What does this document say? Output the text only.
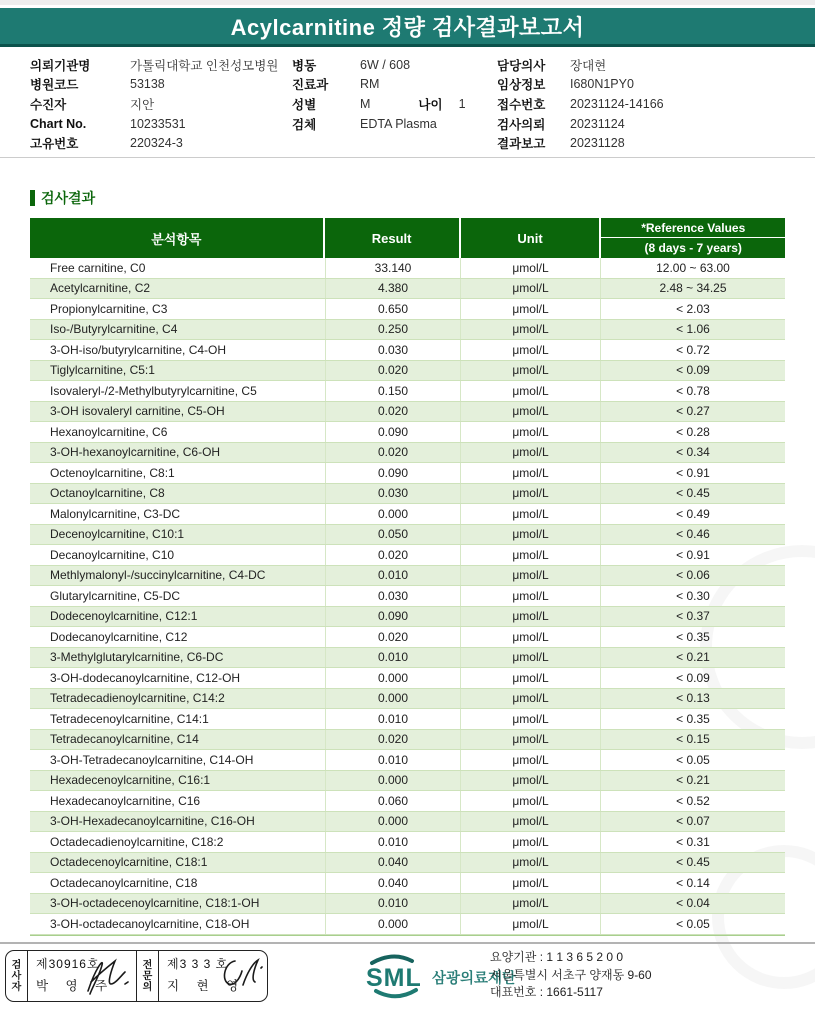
Acylcarnitine 정량 검사결과보고서
의뢰기관명	가톨릭대학교 인천성모병원
병원코드	53138
수진자	지안
Chart No.	10233531
고유번호	220324-3
병동	6W / 608
진료과	RM
성별	M	나이 1
검체	EDTA Plasma
담당의사	장대현
임상정보	I680N1PY0
접수번호	20231124-14166
검사의뢰	20231124
결과보고	20231128
검사결과
분석항목	Result	Unit
*Reference Values
(8 days - 7 years)
Free carnitine, C0	33.140	μmol/L	12.00 ~ 63.00
Acetylcarnitine, C2	4.380	μmol/L	2.48 ~ 34.25
Propionylcarnitine, C3	0.650	μmol/L	< 2.03
Iso-/Butyrylcarnitine, C4	0.250	μmol/L	< 1.06
3-OH-iso/butyrylcarnitine, C4-OH	0.030	μmol/L	< 0.72
Tiglylcarnitine, C5:1	0.020	μmol/L	< 0.09
Isovaleryl-/2-Methylbutyrylcarnitine, C5	0.150	μmol/L	< 0.78
3-OH isovaleryl carnitine, C5-OH	0.020	μmol/L	< 0.27
Hexanoylcarnitine, C6	0.090	μmol/L	< 0.28
3-OH-hexanoylcarnitine, C6-OH	0.020	μmol/L	< 0.34
Octenoylcarnitine, C8:1	0.090	μmol/L	< 0.91
Octanoylcarnitine, C8	0.030	μmol/L	< 0.45
Malonylcarnitine, C3-DC	0.000	μmol/L	< 0.49
Decenoylcarnitine, C10:1	0.050	μmol/L	< 0.46
Decanoylcarnitine, C10	0.020	μmol/L	< 0.91
Methlymalonyl-/succinylcarnitine, C4-DC	0.010	μmol/L	< 0.06
Glutarylcarnitine, C5-DC	0.030	μmol/L	< 0.30
Dodecenoylcarnitine, C12:1	0.090	μmol/L	< 0.37
Dodecanoylcarnitine, C12	0.020	μmol/L	< 0.35
3-Methylglutarylcarnitine, C6-DC	0.010	μmol/L	< 0.21
3-OH-dodecanoylcarnitine, C12-OH	0.000	μmol/L	< 0.09
Tetradecadienoylcarnitine, C14:2	0.000	μmol/L	< 0.13
Tetradecenoylcarnitine, C14:1	0.010	μmol/L	< 0.35
Tetradecanoylcarnitine, C14	0.020	μmol/L	< 0.15
3-OH-Tetradecanoylcarnitine, C14-OH	0.010	μmol/L	< 0.05
Hexadecenoylcarnitine, C16:1	0.000	μmol/L	< 0.21
Hexadecanoylcarnitine, C16	0.060	μmol/L	< 0.52
3-OH-Hexadecanoylcarnitine, C16-OH	0.000	μmol/L	< 0.07
Octadecadienoylcarnitine, C18:2	0.010	μmol/L	< 0.31
Octadecenoylcarnitine, C18:1	0.040	μmol/L	< 0.45
Octadecanoylcarnitine, C18	0.040	μmol/L	< 0.14
3-OH-octadecenoylcarnitine, C18:1-OH	0.010	μmol/L	< 0.04
3-OH-octadecanoylcarnitine, C18-OH	0.000	μmol/L	< 0.05
검
사
자
제30916호
박 영 주
전
문
의
제3 3 3 호
지 현 영	SML 삼광의료재단
요양기관 : 1 1 3 6 5 2 0 0
서울특별시 서초구 양재동 9-60
대표번호 : 1661-5117
